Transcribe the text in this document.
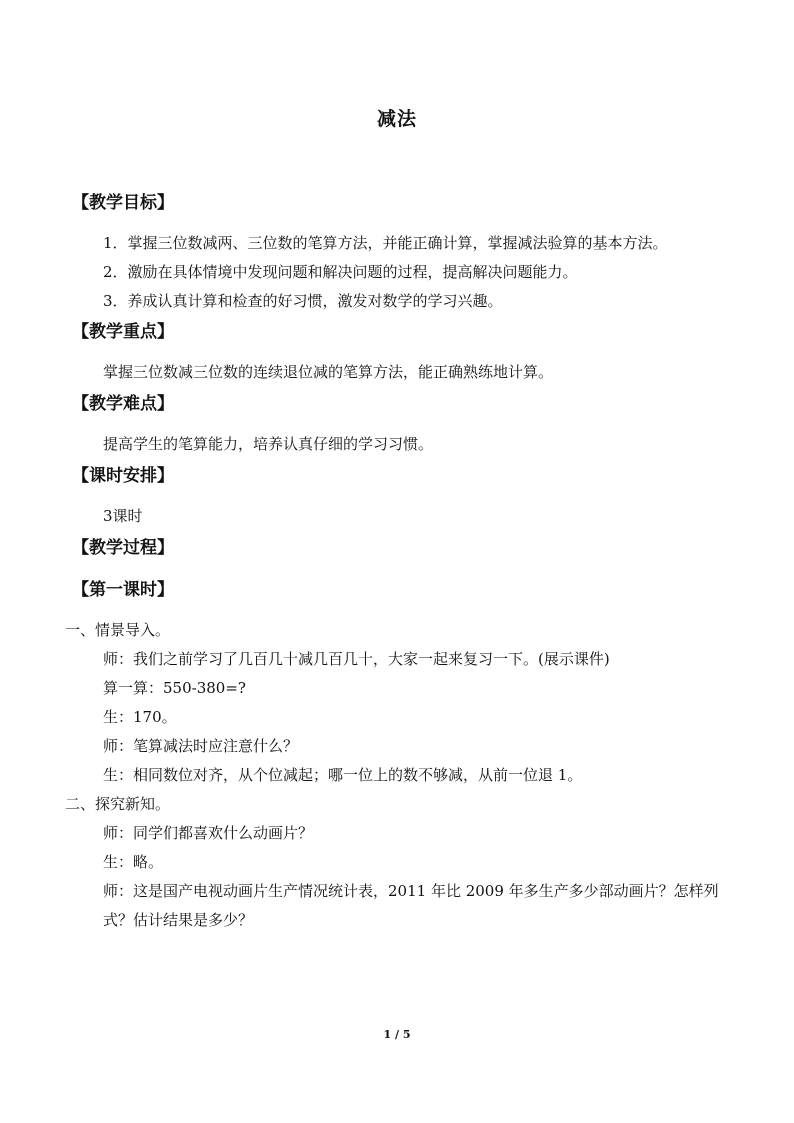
减法
【教学目标】
1．掌握三位数减两、三位数的笔算方法，并能正确计算，掌握减法验算的基本方法。
2．激励在具体情境中发现问题和解决问题的过程，提高解决问题能力。
3．养成认真计算和检查的好习惯，激发对数学的学习兴趣。
【教学重点】
掌握三位数减三位数的连续退位减的笔算方法，能正确熟练地计算。
【教学难点】
提高学生的笔算能力，培养认真仔细的学习习惯。
【课时安排】
3课时
【教学过程】
【第一课时】
一、情景导入。
师：我们之前学习了几百几十减几百几十，大家一起来复习一下。(展示课件)
算一算：550-380=?
生：170。
师：笔算减法时应注意什么？
生：相同数位对齐，从个位减起；哪一位上的数不够减，从前一位退 1。
二、探究新知。
师：同学们都喜欢什么动画片？
生：略。
师：这是国产电视动画片生产情况统计表，2011 年比 2009 年多生产多少部动画片？怎样列式？估计结果是多少？
1 / 5
